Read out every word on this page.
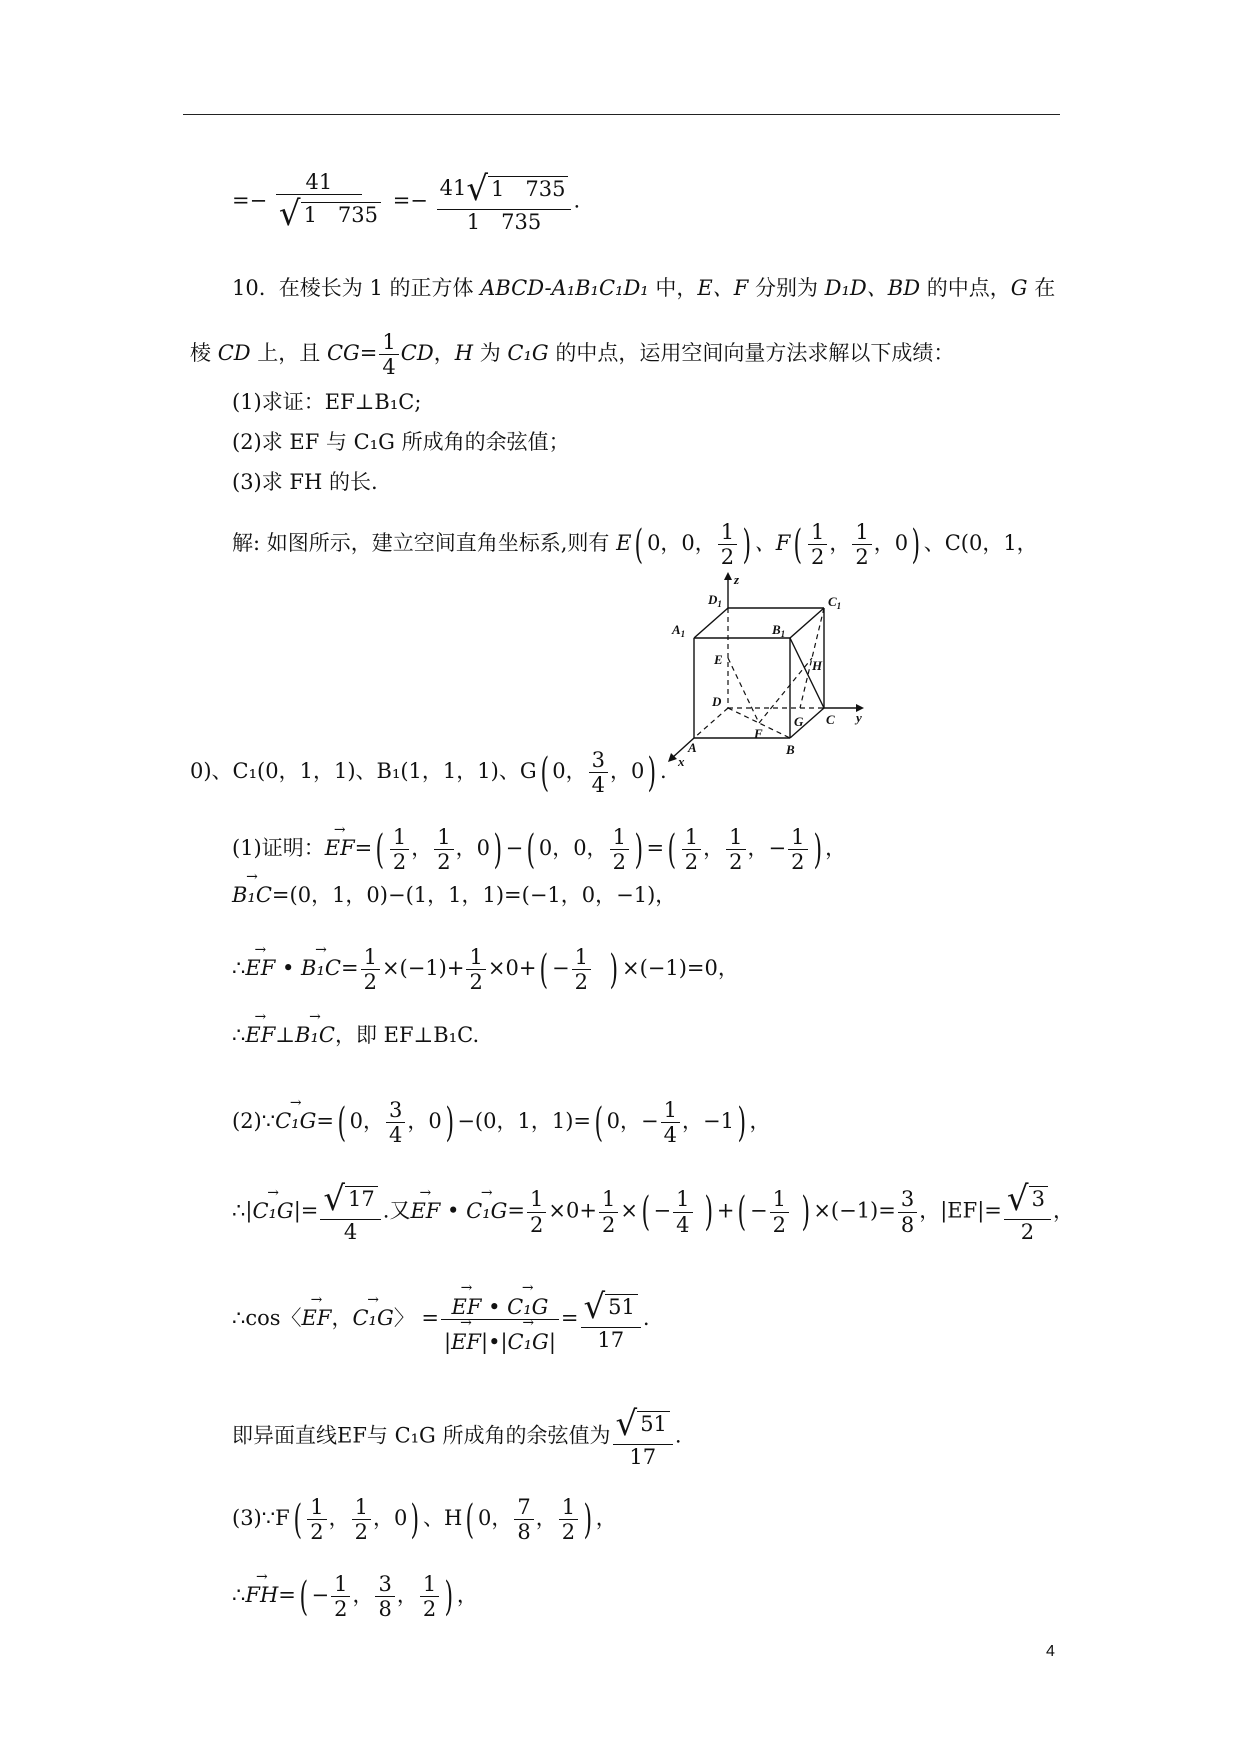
=− $\frac{41}{√ 1 735} =- \frac{41√ 1 735}{1 735}$ .
10. 在棱长为 1 的正方体 ABCD-A₁B₁C₁D₁ 中，E、F 分别为 D₁D、BD 的中点，G 在
棱 CD 上，且 $CG= \frac{1}{4}$ CD，H 为 C₁G 的中点，运用空间向量方法求解以下成绩：
(1)求证：EF⊥B₁C;
(2)求 EF 与 C₁G 所成角的余弦值；
(3)求 FH 的长.
解: 如图所示，建立空间直角坐标系,则有 E( 0，0， $\frac{1}{2}$ ) 、$F( \frac{1}{2}$ ， $\frac{1}{2}$ ，0) 、C(0，1，
$D_1$
z
$C_1$
$A_1$	$B_1$
E	H
D
G C y
F
A	B
x
0)、C₁(0，1，1)、B₁(1，1，1)、G( 0， $\frac{3}{4}$ ，0) .
(1)证明：→ $EF=( \frac{1}{2}$ ， $\frac{1}{2}$ ，0) −( 0，0， $\frac{1}{2}$ ) =( $\frac{1}{2}$ ， $\frac{1}{2}$ ，− $\frac{1}{2}$ ) ，
→ B₁C=(0，1，0)−(1，1，1)=(−1，0，−1)，
∴→ EF • → $B_1C= \frac{1}{2} \times(-1)+ \frac{1}{2} \times 0+( - \frac{1}{2}$ ) ×(−1)=0，
∴→ EF⊥→ B₁C，即 EF⊥B₁C.
(2)∵→ C₁G=( 0， $\frac{3}{4}$ ，0) −(0，1，1)=( 0，− $\frac{1}{4}$ ，−1) ，
∴|→ $C_1G|= \frac{√ 17}{4}$ .又→ EF • → $C_1G= \frac{1}{2} \times 0+ \frac{1}{2}$ ×( − $\frac{1}{4}$ ) +( − $\frac{1}{2}$ ) $\times(-1)= \frac{3}{8}$ ，$|EF|= \frac{√ 3}{2}$ ，
∴cos〈→ EF，→ C₁G〉 =
→ $\frac{\text{EF • → C₁G}}{\text{|→ EF|•|→ C₁G|}} = \frac{√ 51}{17}$ .
即异面直线EF与 C₁G 所成角的余弦值为 $\frac{√ 51}{17}$ .
(3)∵F( $\frac{1}{2}$ ， $\frac{1}{2}$ ，0) 、H( 0， $\frac{7}{8}$ ， $\frac{1}{2}$ ) ，
∴→ $FH=( - \frac{1}{2}$ ， $\frac{3}{8}$ ， $\frac{1}{2}$ ) ，
4
